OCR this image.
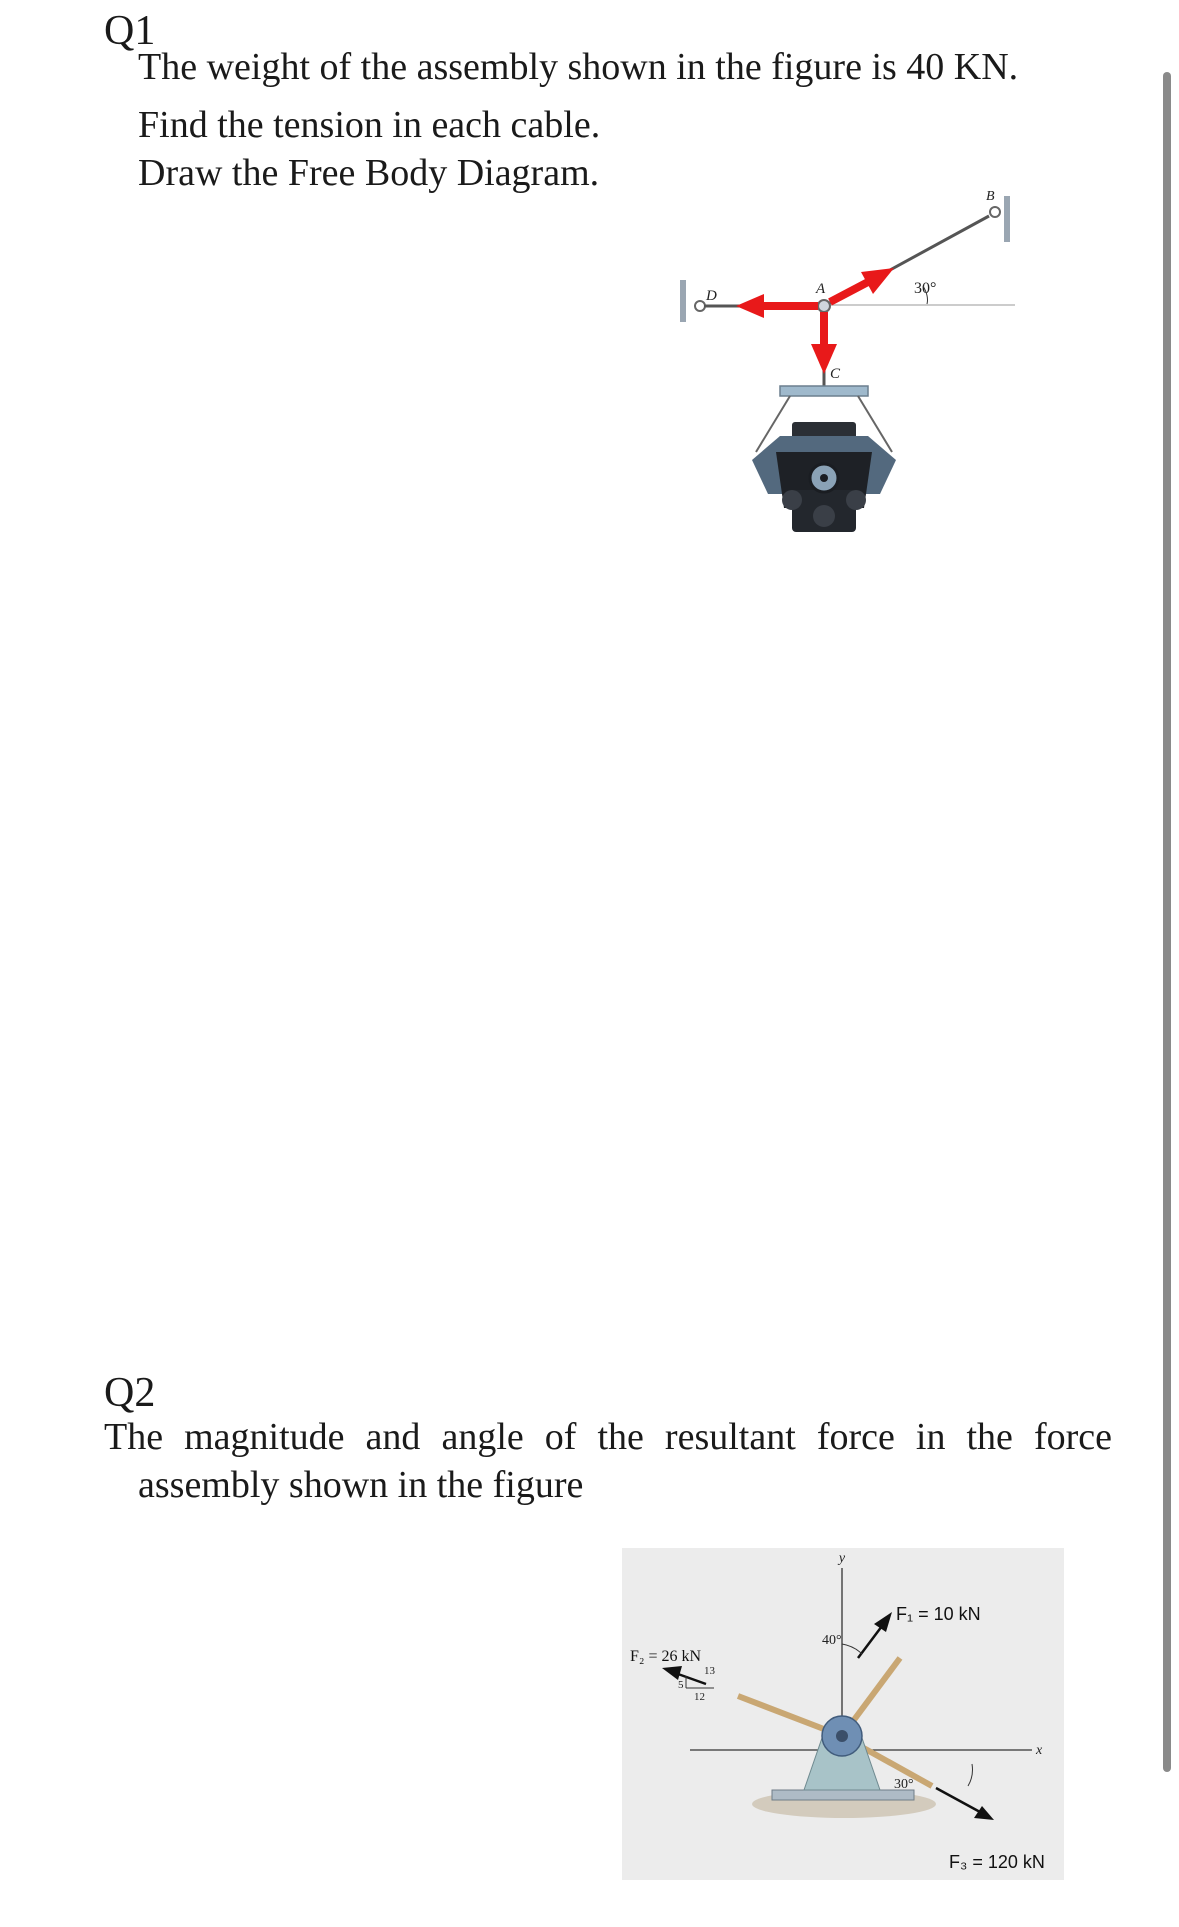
Q1
The weight of the assembly shown in the figure is 40 KN.
Find the tension in each cable.
Draw the Free Body Diagram.
D	A
B
C
30°
Q2
The magnitude and angle of the resultant force in the force
assembly shown in the figure
y
x
40°
30°
13
5
12
F₁ = 10 kN
F₂ = 26 kN
F₃ = 120 kN
